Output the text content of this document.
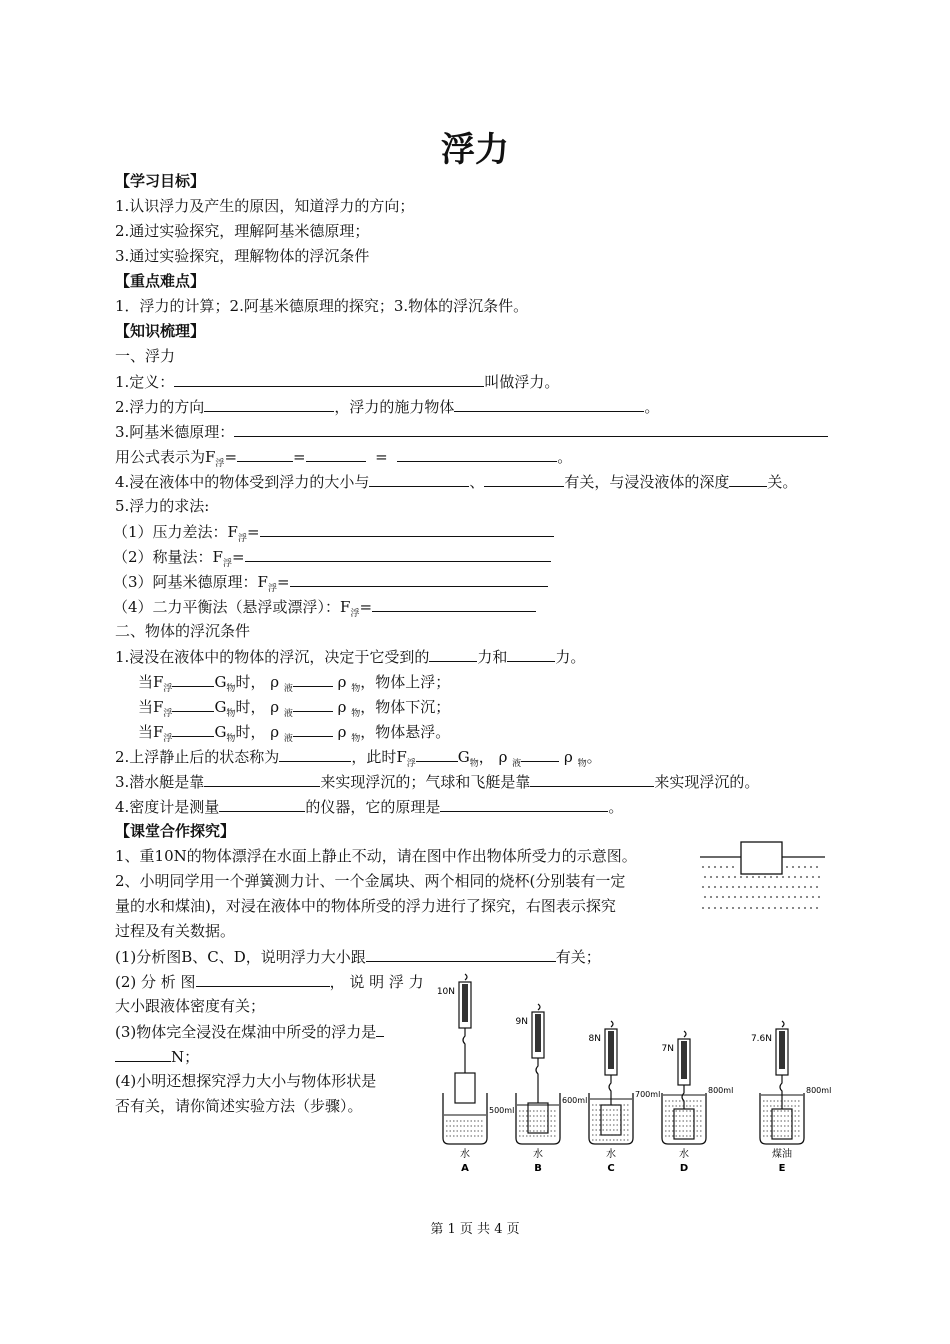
浮力
【学习目标】
1.认识浮力及产生的原因，知道浮力的方向；
2.通过实验探究，理解阿基米德原理；
3.通过实验探究，理解物体的浮沉条件
【重点难点】
1．浮力的计算；2.阿基米德原理的探究；3.物体的浮沉条件。
【知识梳理】
一、浮力
1.定义：	叫做浮力。
2.浮力的方向	，浮力的施力物体	。
3.阿基米德原理：
用公式表示为$F_浮=$	=	=	。
4.浸在液体中的物体受到浮力的大小与	、	有关，与浸没液体的深度	关。
5.浮力的求法:
（1）压力差法：$F_浮=$
（2）称量法：$F_浮=$
（3）阿基米德原理：$F_浮=$
（4）二力平衡法（悬浮或漂浮）：$F_浮=$
二、物体的浮沉条件
1.浸没在液体中的物体的浮沉，决定于它受到的	力和	力。
当$F_浮$	$G_物$时， ρ $_液$	ρ $_物$，物体上浮；
当$F_浮$	$G_物$时， ρ $_液$	ρ $_物$，物体下沉；
当$F_浮$	$G_物$时， ρ $_液$	ρ $_物$，物体悬浮。
2.上浮静止后的状态称为	，此时$F_浮$	$G_物$， ρ $_液$	ρ $_物$。
3.潜水艇是靠	来实现浮沉的；气球和飞艇是靠	来实现浮沉的。
4.密度计是测量	的仪器，它的原理是	。
【课堂合作探究】
1、重10N的物体漂浮在水面上静止不动，请在图中作出物体所受力的示意图。
2、小明同学用一个弹簧测力计、一个金属块、两个相同的烧杯(分别装有一定
量的水和煤油)，对浸在液体中的物体所受的浮力进行了探究，右图表示探究
过程及有关数据。
(1)分析图B、C、D，说明浮力大小跟	有关；
(2) 分 析 图	， 说 明 浮 力
大小跟液体密度有关；
(3)物体完全浸没在煤油中所受的浮力是
N；
(4)小明还想探究浮力大小与物体形状是
否有关，请你简述实验方法（步骤）。
10N
500ml
水
A
9N
600ml
水
B
8N
700ml
水
C
7N
800ml
水
D
7.6N
800ml
煤油
E
第 1 页 共 4 页
